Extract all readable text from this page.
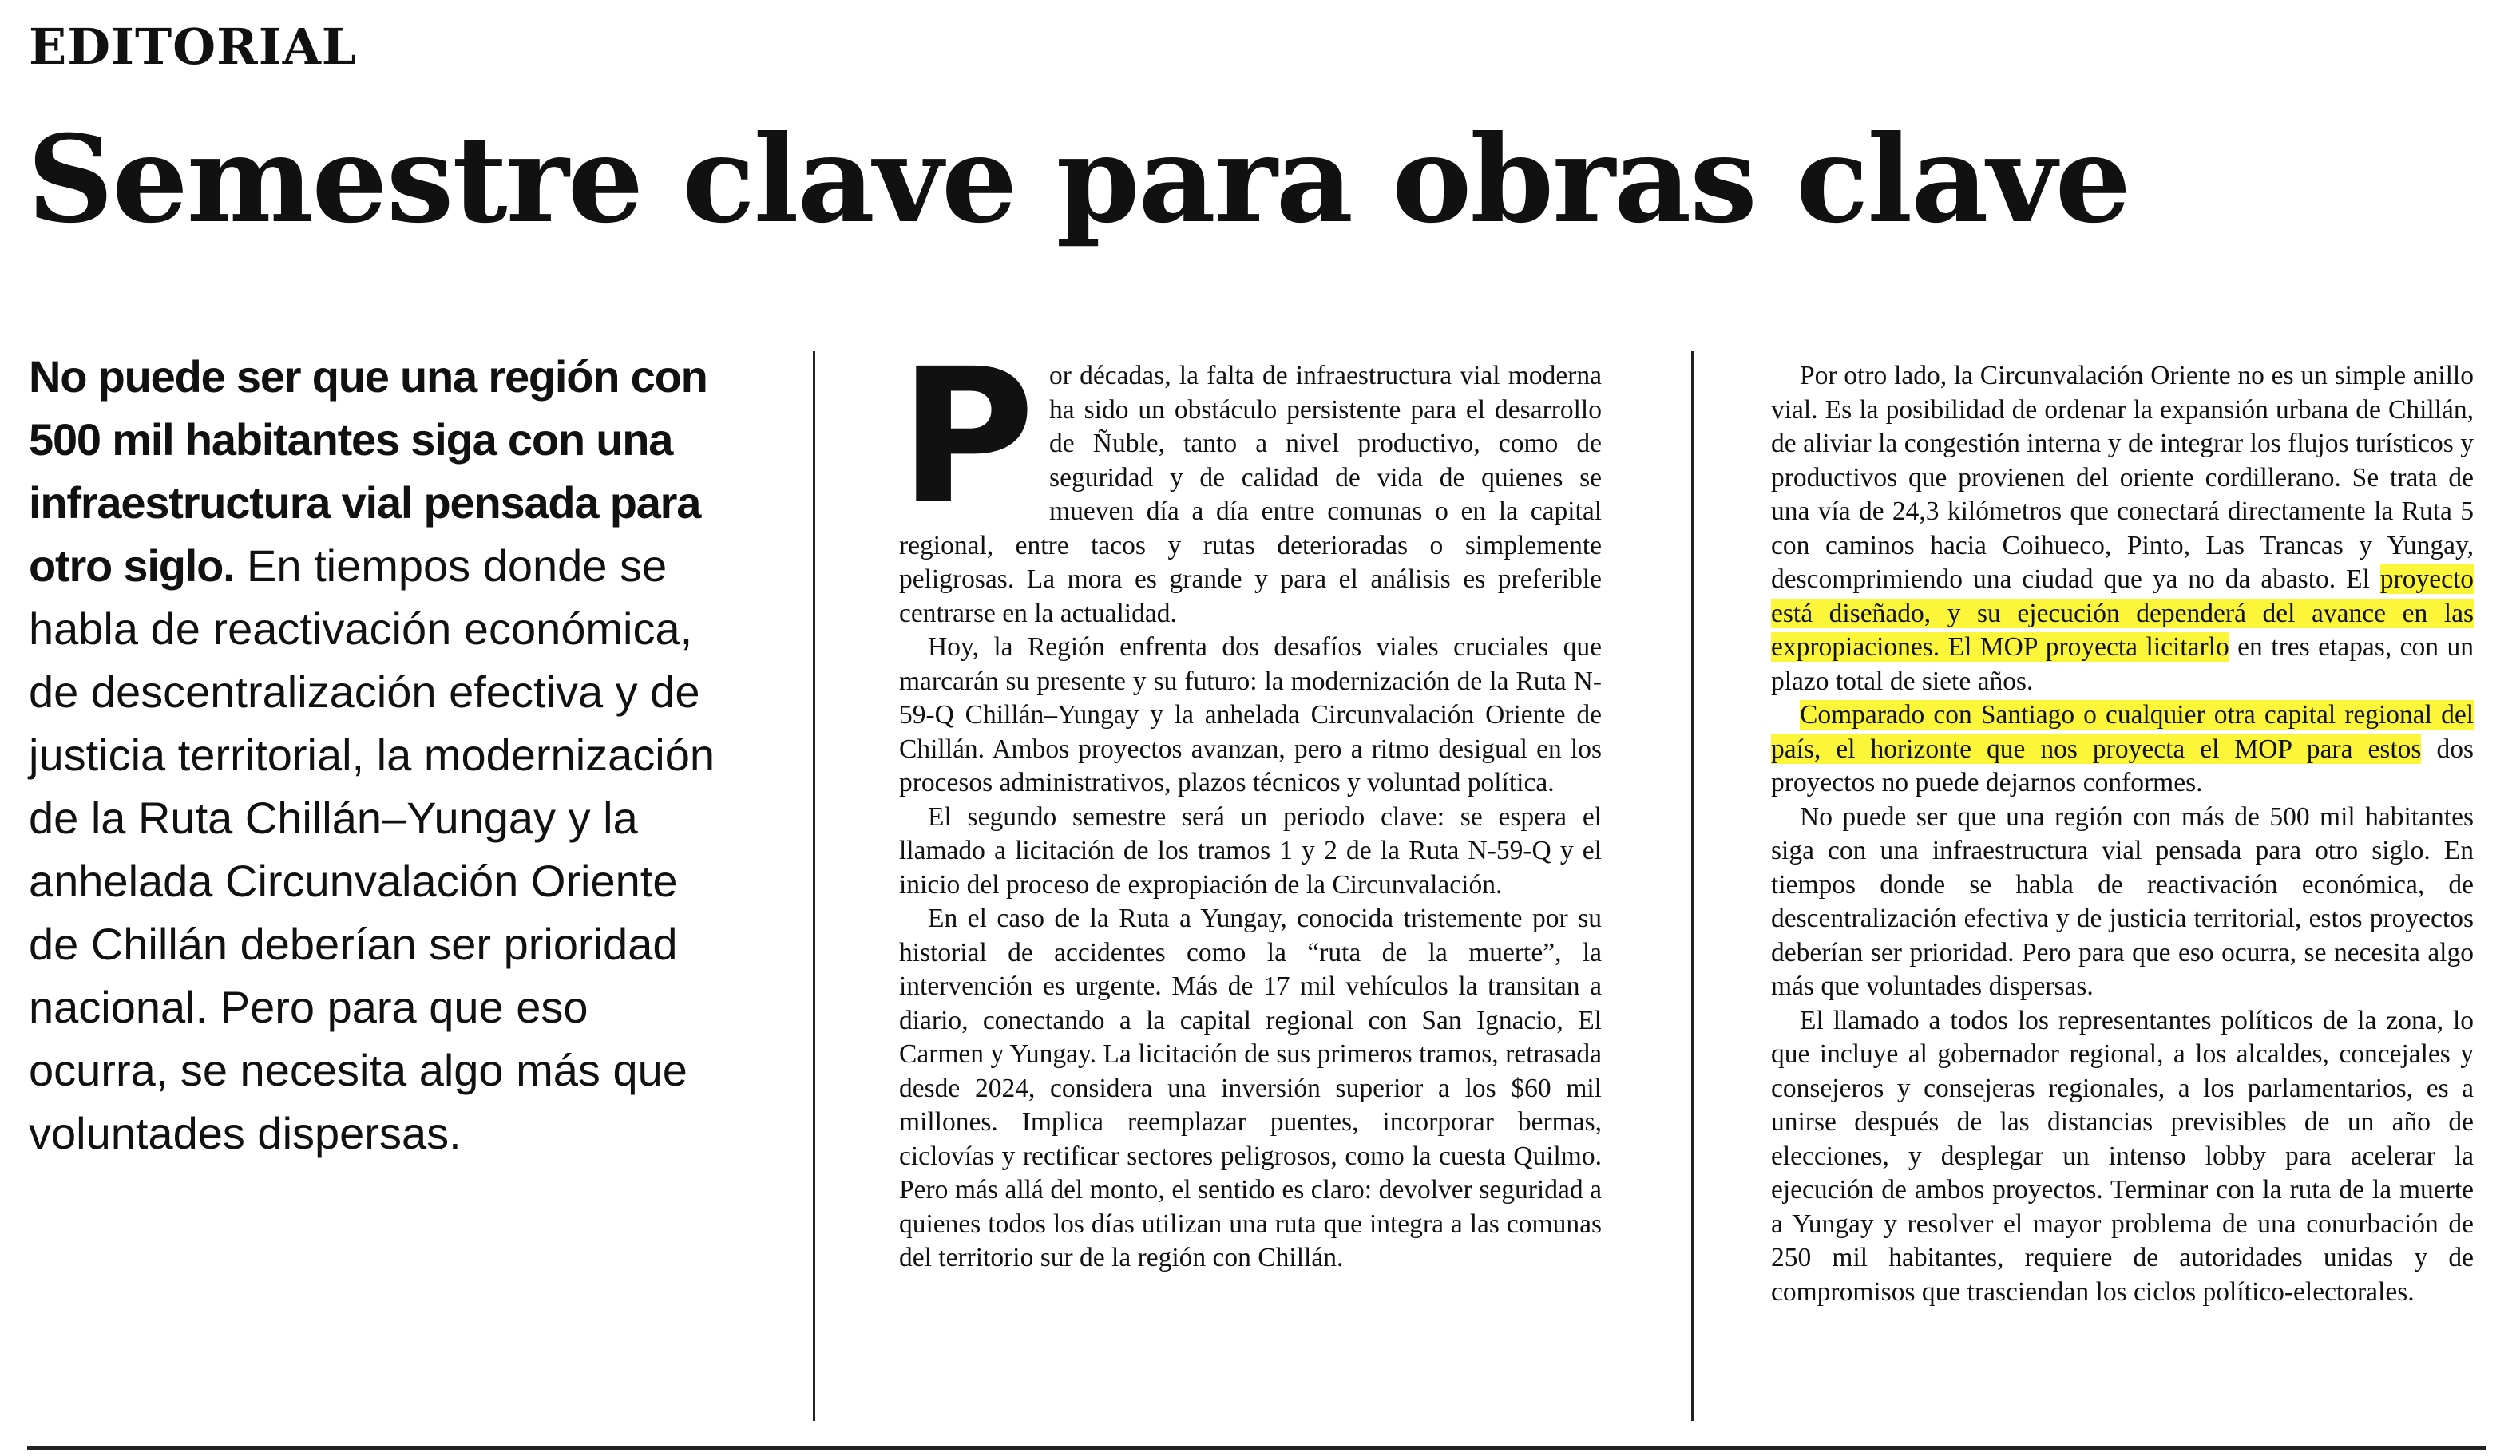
EDITORIAL
Semestre clave para obras clave

No puede ser que una región con 500 mil habitantes siga con una infraestructura vial pensada para otro siglo. En tiempos donde se habla de reactivación económica, de descentralización efectiva y de justicia territorial, la modernización de la Ruta Chillán–Yungay y la anhelada Circunvalación Oriente de Chillán deberían ser prioridad nacional. Pero para que eso ocurra, se necesita algo más que voluntades dispersas.

P or décadas, la falta de infraestructura vial moderna ha sido un obstáculo persistente para el desarrollo de Ñuble, tanto a nivel productivo, como de seguridad y de calidad de vida de quienes se mueven día a día entre comunas o en la capital regional, entre tacos y rutas deterioradas o simplemente peligrosas. La mora es grande y para el análisis es preferible centrarse en la actualidad.

Hoy, la Región enfrenta dos desafíos viales cruciales que marcarán su presente y su futuro: la modernización de la Ruta N-59-Q Chillán–Yungay y la anhelada Circunvalación Oriente de Chillán. Ambos proyectos avanzan, pero a ritmo desigual en los procesos administrativos, plazos técnicos y voluntad política.

El segundo semestre será un periodo clave: se espera el llamado a licitación de los tramos 1 y 2 de la Ruta N-59-Q y el inicio del proceso de expropiación de la Circunvalación.

En el caso de la Ruta a Yungay, conocida tristemente por su historial de accidentes como la “ruta de la muerte”, la intervención es urgente. Más de 17 mil vehículos la transitan a diario, conectando a la capital regional con San Ignacio, El Carmen y Yungay. La licitación de sus primeros tramos, retrasada desde 2024, considera una inversión superior a los $60 mil millones. Implica reemplazar puentes, incorporar bermas, ciclovías y rectificar sectores peligrosos, como la cuesta Quilmo. Pero más allá del monto, el sentido es claro: devolver seguridad a quienes todos los días utilizan una ruta que integra a las comunas del territorio sur de la región con Chillán.

Por otro lado, la Circunvalación Oriente no es un simple anillo vial. Es la posibilidad de ordenar la expansión urbana de Chillán, de aliviar la congestión interna y de integrar los flujos turísticos y productivos que provienen del oriente cordillerano. Se trata de una vía de 24,3 kilómetros que conectará directamente la Ruta 5 con caminos hacia Coihueco, Pinto, Las Trancas y Yungay, descomprimiendo una ciudad que ya no da abasto. El proyecto está diseñado, y su ejecución dependerá del avance en las expropiaciones. El MOP proyecta licitarlo en tres etapas, con un plazo total de siete años.

Comparado con Santiago o cualquier otra capital regional del país, el horizonte que nos proyecta el MOP para estos dos proyectos no puede dejarnos conformes.

No puede ser que una región con más de 500 mil habitantes siga con una infraestructura vial pensada para otro siglo. En tiempos donde se habla de reactivación económica, de descentralización efectiva y de justicia territorial, estos proyectos deberían ser prioridad. Pero para que eso ocurra, se necesita algo más que voluntades dispersas.

El llamado a todos los representantes políticos de la zona, lo que incluye al gobernador regional, a los alcaldes, concejales y consejeros y consejeras regionales, a los parlamentarios, es a unirse después de las distancias previsibles de un año de elecciones, y desplegar un intenso lobby para acelerar la ejecución de ambos proyectos. Terminar con la ruta de la muerte a Yungay y resolver el mayor problema de una conurbación de 250 mil habitantes, requiere de autoridades unidas y de compromisos que trasciendan los ciclos político-electorales.
